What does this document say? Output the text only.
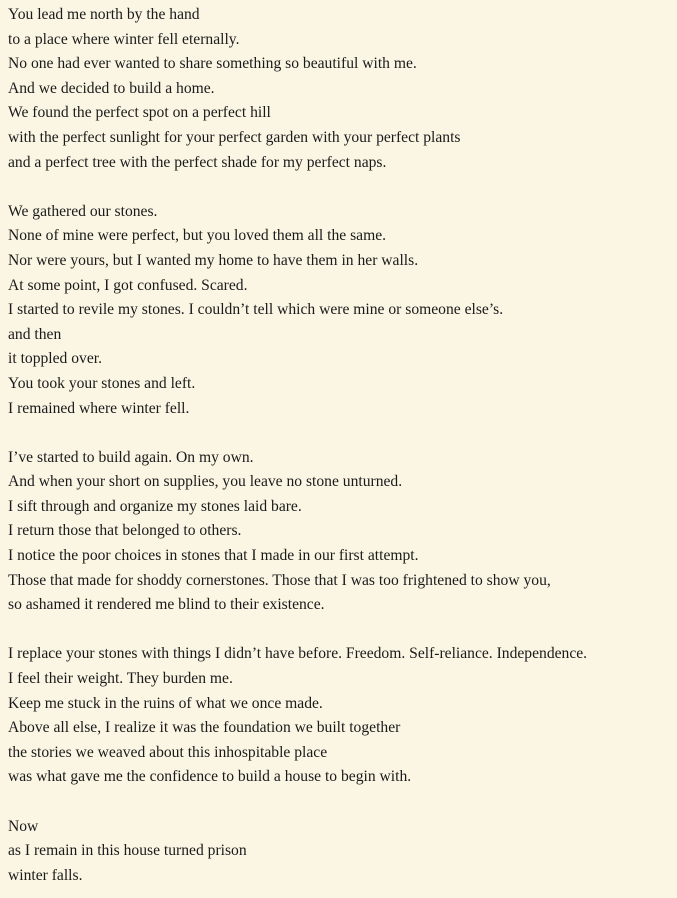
You lead me north by the hand
to a place where winter fell eternally.
No one had ever wanted to share something so beautiful with me.
And we decided to build a home.
We found the perfect spot on a perfect hill
with the perfect sunlight for your perfect garden with your perfect plants
and a perfect tree with the perfect shade for my perfect naps.
We gathered our stones.
None of mine were perfect, but you loved them all the same.
Nor were yours, but I wanted my home to have them in her walls.
At some point, I got confused. Scared.
I started to revile my stones. I couldn’t tell which were mine or someone else’s.
and then
it toppled over.
You took your stones and left.
I remained where winter fell.
I’ve started to build again. On my own.
And when your short on supplies, you leave no stone unturned.
I sift through and organize my stones laid bare.
I return those that belonged to others.
I notice the poor choices in stones that I made in our first attempt.
Those that made for shoddy cornerstones. Those that I was too frightened to show you,
so ashamed it rendered me blind to their existence.
I replace your stones with things I didn’t have before. Freedom. Self-reliance. Independence.
I feel their weight. They burden me.
Keep me stuck in the ruins of what we once made.
Above all else, I realize it was the foundation we built together
the stories we weaved about this inhospitable place
was what gave me the confidence to build a house to begin with.
Now
as I remain in this house turned prison
winter falls.
